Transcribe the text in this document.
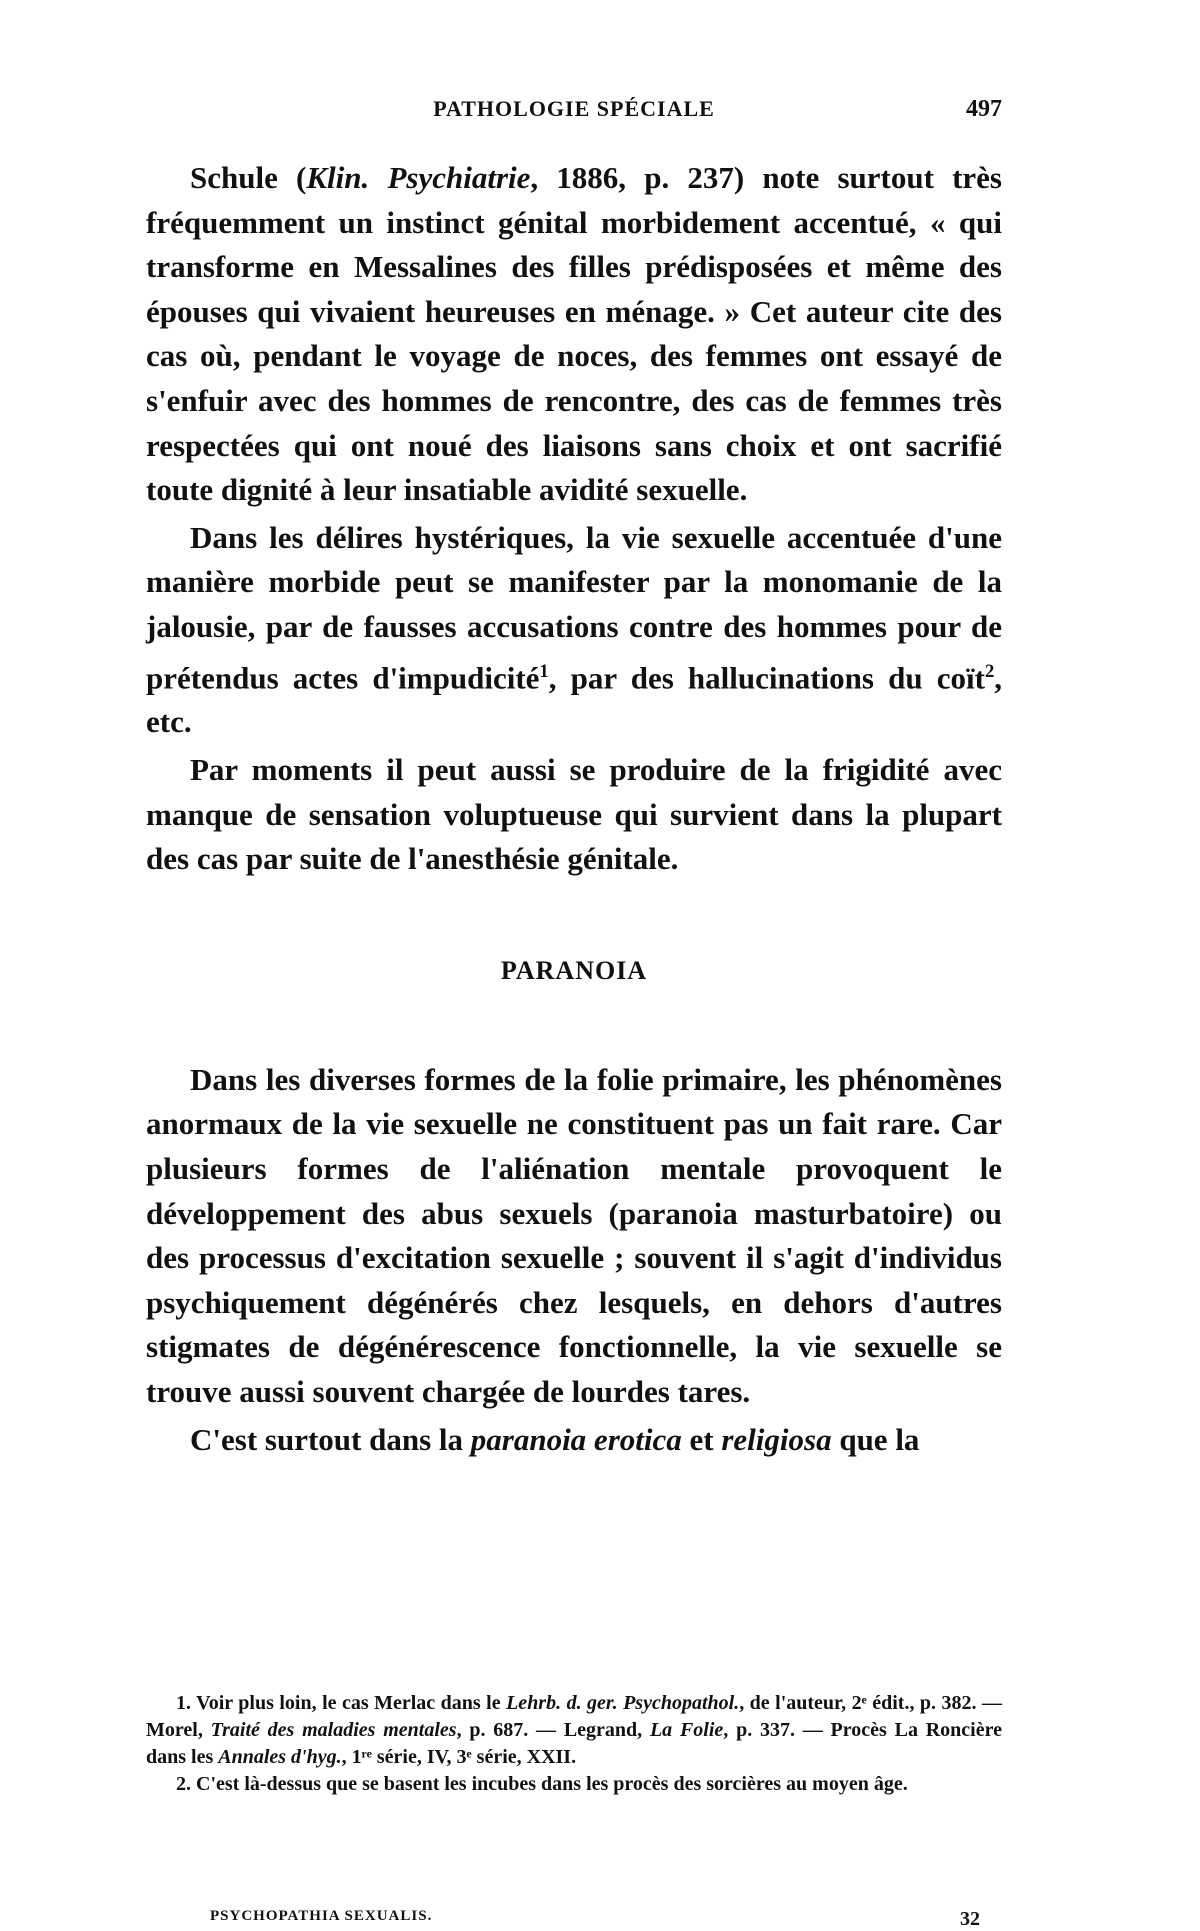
PATHOLOGIE SPÉCIALE	497

Schule (Klin. Psychiatrie, 1886, p. 237) note surtout très fréquemment un instinct génital morbidement accentué, « qui transforme en Messalines des filles prédisposées et même des épouses qui vivaient heureuses en ménage. » Cet auteur cite des cas où, pendant le voyage de noces, des femmes ont essayé de s'enfuir avec des hommes de rencontre, des cas de femmes très respectées qui ont noué des liaisons sans choix et ont sacrifié toute dignité à leur insatiable avidité sexuelle.

Dans les délires hystériques, la vie sexuelle accentuée d'une manière morbide peut se manifester par la monomanie de la jalousie, par de fausses accusations contre des hommes pour de prétendus actes d'impudicité$^1$, par des hallucinations du coït$^2$, etc.

Par moments il peut aussi se produire de la frigidité avec manque de sensation voluptueuse qui survient dans la plupart des cas par suite de l'anesthésie génitale.

PARANOIA

Dans les diverses formes de la folie primaire, les phénomènes anormaux de la vie sexuelle ne constituent pas un fait rare. Car plusieurs formes de l'aliénation mentale provoquent le développement des abus sexuels (paranoia masturbatoire) ou des processus d'excitation sexuelle ; souvent il s'agit d'individus psychiquement dégénérés chez lesquels, en dehors d'autres stigmates de dégénérescence fonctionnelle, la vie sexuelle se trouve aussi souvent chargée de lourdes tares.

C'est surtout dans la paranoia erotica et religiosa que la

1. Voir plus loin, le cas Merlac dans le Lehrb. d. ger. Psychopathol., de l'auteur, 2ᵉ édit., p. 382. — Morel, Traité des maladies mentales, p. 687. — Legrand, La Folie, p. 337. — Procès La Roncière dans les Annales d'hyg., 1ʳᵉ série, IV, 3ᵉ série, XXII.

2. C'est là-dessus que se basent les incubes dans les procès des sorcières au moyen âge.

PSYCHOPATHIA SEXUALIS.	32
